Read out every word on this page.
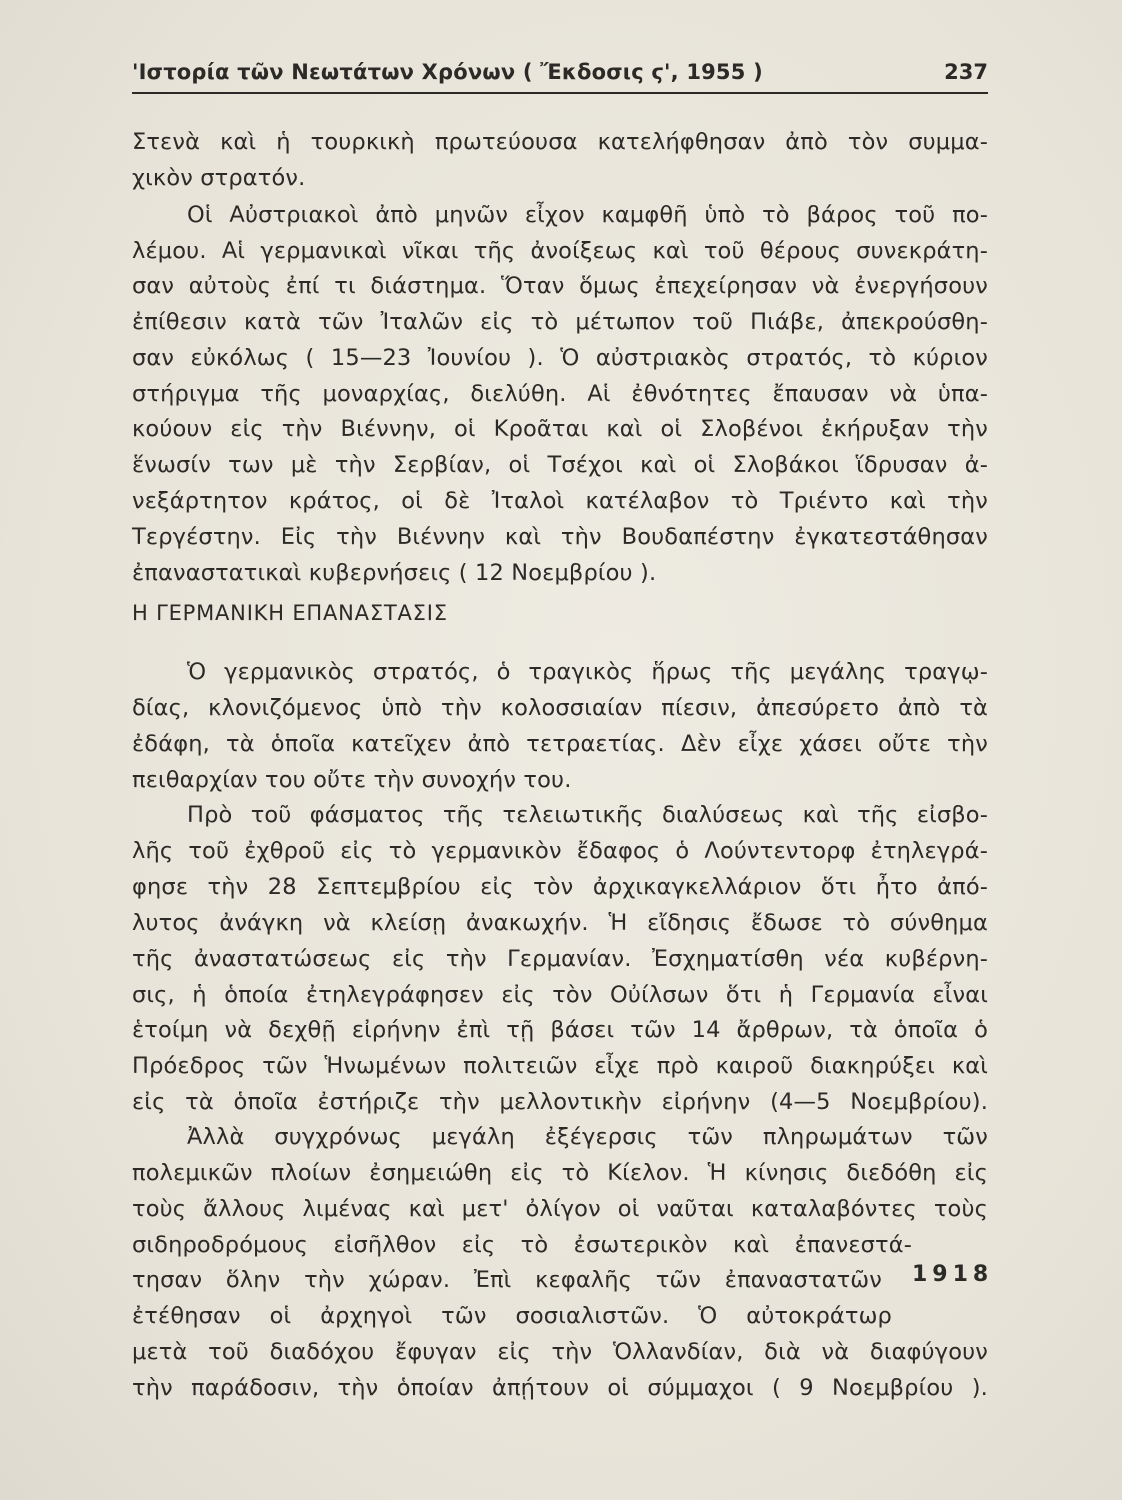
'Ιστορία τῶν Νεωτάτων Χρόνων ( Ἔκδοσις ϛ', 1955 )	237
Στενὰ καὶ ἡ τουρκικὴ πρωτεύουσα κατελήφθησαν ἀπὸ τὸν συμμα-
χικὸν στρατόν.
Οἱ Αὐστριακοὶ ἀπὸ μηνῶν εἶχον καμφθῆ ὑπὸ τὸ βάρος τοῦ πο-
λέμου. Αἱ γερμανικαὶ νῖκαι τῆς ἀνοίξεως καὶ τοῦ θέρους συνεκράτη-
σαν αὐτοὺς ἐπί τι διάστημα. Ὅταν ὅμως ἐπεχείρησαν νὰ ἐνεργήσουν
ἐπίθεσιν κατὰ τῶν Ἰταλῶν εἰς τὸ μέτωπον τοῦ Πιάβε, ἀπεκρούσθη-
σαν εὐκόλως ( 15—23 Ἰουνίου ). Ὁ αὐστριακὸς στρατός, τὸ κύριον
στήριγμα τῆς μοναρχίας, διελύθη. Αἱ ἐθνότητες ἔπαυσαν νὰ ὑπα-
κούουν εἰς τὴν Βιέννην, οἱ Κροᾶται καὶ οἱ Σλοβένοι ἐκήρυξαν τὴν
ἕνωσίν των μὲ τὴν Σερβίαν, οἱ Τσέχοι καὶ οἱ Σλοβάκοι ἵδρυσαν ἀ-
νεξάρτητον κράτος, οἱ δὲ Ἰταλοὶ κατέλαβον τὸ Τριέντο καὶ τὴν
Τεργέστην. Εἰς τὴν Βιέννην καὶ τὴν Βουδαπέστην ἐγκατεστάθησαν
ἐπαναστατικαὶ κυβερνήσεις ( 12 Νοεμβρίου ).
Η ΓΕΡΜΑΝΙΚΗ ΕΠΑΝΑΣΤΑΣΙΣ
Ὁ γερμανικὸς στρατός, ὁ τραγικὸς ἥρως τῆς μεγάλης τραγῳ-
δίας, κλονιζόμενος ὑπὸ τὴν κολοσσιαίαν πίεσιν, ἀπεσύρετο ἀπὸ τὰ
ἐδάφη, τὰ ὁποῖα κατεῖχεν ἀπὸ τετραετίας. Δὲν εἶχε χάσει οὔτε τὴν
πειθαρχίαν του οὔτε τὴν συνοχήν του.
Πρὸ τοῦ φάσματος τῆς τελειωτικῆς διαλύσεως καὶ τῆς εἰσβο-
λῆς τοῦ ἐχθροῦ εἰς τὸ γερμανικὸν ἔδαφος ὁ Λούντεντορφ ἐτηλεγρά-
φησε τὴν 28 Σεπτεμβρίου εἰς τὸν ἀρχικαγκελλάριον ὅτι ἦτο ἀπό-
λυτος ἀνάγκη νὰ κλείσῃ ἀνακωχήν. Ἡ εἴδησις ἔδωσε τὸ σύνθημα
τῆς ἀναστατώσεως εἰς τὴν Γερμανίαν. Ἐσχηματίσθη νέα κυβέρνη-
σις, ἡ ὁποία ἐτηλεγράφησεν εἰς τὸν Οὐίλσων ὅτι ἡ Γερμανία εἶναι
ἑτοίμη νὰ δεχθῇ εἰρήνην ἐπὶ τῇ βάσει τῶν 14 ἄρθρων, τὰ ὁποῖα ὁ
Πρόεδρος τῶν Ἡνωμένων πολιτειῶν εἶχε πρὸ καιροῦ διακηρύξει καὶ
εἰς τὰ ὁποῖα ἐστήριζε τὴν μελλοντικὴν εἰρήνην (4—5 Νοεμβρίου).
Ἀλλὰ συγχρόνως μεγάλη ἐξέγερσις τῶν πληρωμάτων τῶν
πολεμικῶν πλοίων ἐσημειώθη εἰς τὸ Κίελον. Ἡ κίνησις διεδόθη εἰς
τοὺς ἄλλους λιμένας καὶ μετ' ὀλίγον οἱ ναῦται καταλαβόντες τοὺς
σιδηροδρόμους εἰσῆλθον εἰς τὸ ἐσωτερικὸν καὶ ἐπανεστά-
τησαν ὅλην τὴν χώραν. Ἐπὶ κεφαλῆς τῶν ἐπαναστατῶν 1918
ἐτέθησαν οἱ ἀρχηγοὶ τῶν σοσιαλιστῶν. Ὁ αὐτοκράτωρ
μετὰ τοῦ διαδόχου ἔφυγαν εἰς τὴν Ὁλλανδίαν, διὰ νὰ διαφύγουν
τὴν παράδοσιν, τὴν ὁποίαν ἀπῄτουν οἱ σύμμαχοι ( 9 Νοεμβρίου ).
